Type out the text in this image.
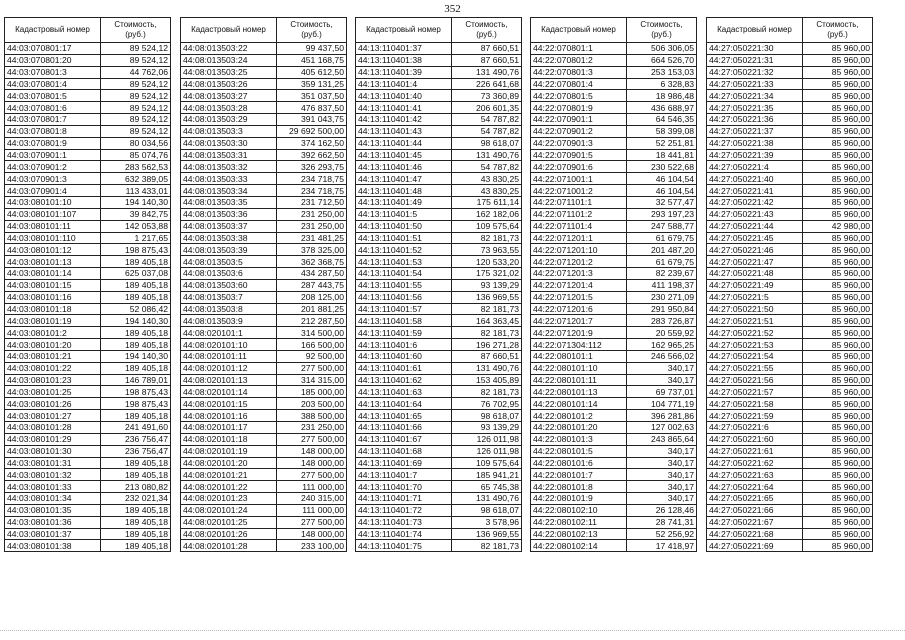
352
Кадастровый номер	Стоимость, (руб.)
44:03:070801:17	89 524,12
44:03:070801:20	89 524,12
44:03:070801:3	44 762,06
44:03:070801:4	89 524,12
44:03:070801:5	89 524,12
44:03:070801:6	89 524,12
44:03:070801:7	89 524,12
44:03:070801:8	89 524,12
44:03:070801:9	80 034,56
44:03:070901:1	85 074,76
44:03:070901:2	283 562,53
44:03:070901:3	632 389,05
44:03:070901:4	113 433,01
44:03:080101:10	194 140,30
44:03:080101:107	39 842,75
44:03:080101:11	142 053,88
44:03:080101:110	1 217,65
44:03:080101:12	198 875,43
44:03:080101:13	189 405,18
44:03:080101:14	625 037,08
44:03:080101:15	189 405,18
44:03:080101:16	189 405,18
44:03:080101:18	52 086,42
44:03:080101:19	194 140,30
44:03:080101:2	189 405,18
44:03:080101:20	189 405,18
44:03:080101:21	194 140,30
44:03:080101:22	189 405,18
44:03:080101:23	146 789,01
44:03:080101:25	198 875,43
44:03:080101:26	198 875,43
44:03:080101:27	189 405,18
44:03:080101:28	241 491,60
44:03:080101:29	236 756,47
44:03:080101:30	236 756,47
44:03:080101:31	189 405,18
44:03:080101:32	189 405,18
44:03:080101:33	213 080,82
44:03:080101:34	232 021,34
44:03:080101:35	189 405,18
44:03:080101:36	189 405,18
44:03:080101:37	189 405,18
44:03:080101:38	189 405,18
Кадастровый номер	Стоимость, (руб.)
44:08:013503:22	99 437,50
44:08:013503:24	451 168,75
44:08:013503:25	405 612,50
44:08:013503:26	359 131,25
44:08:013503:27	351 037,50
44:08:013503:28	476 837,50
44:08:013503:29	391 043,75
44:08:013503:3	29 692 500,00
44:08:013503:30	374 162,50
44:08:013503:31	392 662,50
44:08:013503:32	326 293,75
44:08:013503:33	234 718,75
44:08:013503:34	234 718,75
44:08:013503:35	231 712,50
44:08:013503:36	231 250,00
44:08:013503:37	231 250,00
44:08:013503:38	231 481,25
44:08:013503:39	378 325,00
44:08:013503:5	362 368,75
44:08:013503:6	434 287,50
44:08:013503:60	287 443,75
44:08:013503:7	208 125,00
44:08:013503:8	201 881,25
44:08:013503:9	212 287,50
44:08:020101:1	314 500,00
44:08:020101:10	166 500,00
44:08:020101:11	92 500,00
44:08:020101:12	277 500,00
44:08:020101:13	314 315,00
44:08:020101:14	185 000,00
44:08:020101:15	203 500,00
44:08:020101:16	388 500,00
44:08:020101:17	231 250,00
44:08:020101:18	277 500,00
44:08:020101:19	148 000,00
44:08:020101:20	148 000,00
44:08:020101:21	277 500,00
44:08:020101:22	111 000,00
44:08:020101:23	240 315,00
44:08:020101:24	111 000,00
44:08:020101:25	277 500,00
44:08:020101:26	148 000,00
44:08:020101:28	233 100,00
Кадастровый номер	Стоимость, (руб.)
44:13:110401:37	87 660,51
44:13:110401:38	87 660,51
44:13:110401:39	131 490,76
44:13:110401:4	226 641,68
44:13:110401:40	73 360,89
44:13:110401:41	206 601,35
44:13:110401:42	54 787,82
44:13:110401:43	54 787,82
44:13:110401:44	98 618,07
44:13:110401:45	131 490,76
44:13:110401:46	54 787,82
44:13:110401:47	43 830,25
44:13:110401:48	43 830,25
44:13:110401:49	175 611,14
44:13:110401:5	162 182,06
44:13:110401:50	109 575,64
44:13:110401:51	82 181,73
44:13:110401:52	73 963,55
44:13:110401:53	120 533,20
44:13:110401:54	175 321,02
44:13:110401:55	93 139,29
44:13:110401:56	136 969,55
44:13:110401:57	82 181,73
44:13:110401:58	164 363,45
44:13:110401:59	82 181,73
44:13:110401:6	196 271,28
44:13:110401:60	87 660,51
44:13:110401:61	131 490,76
44:13:110401:62	153 405,89
44:13:110401:63	82 181,73
44:13:110401:64	76 702,95
44:13:110401:65	98 618,07
44:13:110401:66	93 139,29
44:13:110401:67	126 011,98
44:13:110401:68	126 011,98
44:13:110401:69	109 575,64
44:13:110401:7	185 941,21
44:13:110401:70	65 745,38
44:13:110401:71	131 490,76
44:13:110401:72	98 618,07
44:13:110401:73	3 578,96
44:13:110401:74	136 969,55
44:13:110401:75	82 181,73
Кадастровый номер	Стоимость, (руб.)
44:22:070801:1	506 306,05
44:22:070801:2	664 526,70
44:22:070801:3	253 153,03
44:22:070801:4	6 328,83
44:22:070801:5	18 986,48
44:22:070801:9	436 688,97
44:22:070901:1	64 546,35
44:22:070901:2	58 399,08
44:22:070901:3	52 251,81
44:22:070901:5	18 441,81
44:22:070901:6	230 522,68
44:22:071001:1	46 104,54
44:22:071001:2	46 104,54
44:22:071101:1	32 577,47
44:22:071101:2	293 197,23
44:22:071101:4	247 588,77
44:22:071201:1	61 679,75
44:22:071201:10	201 487,20
44:22:071201:2	61 679,75
44:22:071201:3	82 239,67
44:22:071201:4	411 198,37
44:22:071201:5	230 271,09
44:22:071201:6	291 950,84
44:22:071201:7	283 726,87
44:22:071201:9	20 559,92
44:22:071304:112	162 965,25
44:22:080101:1	246 566,02
44:22:080101:10	340,17
44:22:080101:11	340,17
44:22:080101:13	69 737,01
44:22:080101:14	104 771,19
44:22:080101:2	396 281,86
44:22:080101:20	127 002,63
44:22:080101:3	243 865,64
44:22:080101:5	340,17
44:22:080101:6	340,17
44:22:080101:7	340,17
44:22:080101:8	340,17
44:22:080101:9	340,17
44:22:080102:10	26 128,46
44:22:080102:11	28 741,31
44:22:080102:13	52 256,92
44:22:080102:14	17 418,97
Кадастровый номер	Стоимость, (руб.)
44:27:050221:30	85 960,00
44:27:050221:31	85 960,00
44:27:050221:32	85 960,00
44:27:050221:33	85 960,00
44:27:050221:34	85 960,00
44:27:050221:35	85 960,00
44:27:050221:36	85 960,00
44:27:050221:37	85 960,00
44:27:050221:38	85 960,00
44:27:050221:39	85 960,00
44:27:050221:4	85 960,00
44:27:050221:40	85 960,00
44:27:050221:41	85 960,00
44:27:050221:42	85 960,00
44:27:050221:43	85 960,00
44:27:050221:44	42 980,00
44:27:050221:45	85 960,00
44:27:050221:46	85 960,00
44:27:050221:47	85 960,00
44:27:050221:48	85 960,00
44:27:050221:49	85 960,00
44:27:050221:5	85 960,00
44:27:050221:50	85 960,00
44:27:050221:51	85 960,00
44:27:050221:52	85 960,00
44:27:050221:53	85 960,00
44:27:050221:54	85 960,00
44:27:050221:55	85 960,00
44:27:050221:56	85 960,00
44:27:050221:57	85 960,00
44:27:050221:58	85 960,00
44:27:050221:59	85 960,00
44:27:050221:6	85 960,00
44:27:050221:60	85 960,00
44:27:050221:61	85 960,00
44:27:050221:62	85 960,00
44:27:050221:63	85 960,00
44:27:050221:64	85 960,00
44:27:050221:65	85 960,00
44:27:050221:66	85 960,00
44:27:050221:67	85 960,00
44:27:050221:68	85 960,00
44:27:050221:69	85 960,00
